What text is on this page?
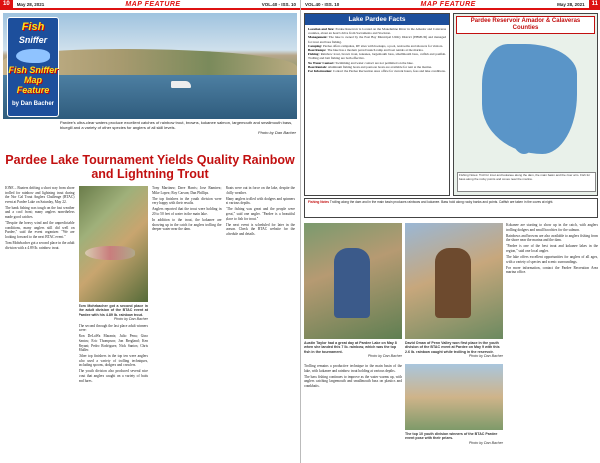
10	May 28, 2021	MAP FEATURE	VOL.40 - ISS. 10
Fish
Sniffer
Fish Sniffer Map Feature
by Dan Bacher
Pardee's ultra-clear waters produce excellent catches of rainbow trout, browns, kokanee salmon, largemouth and smallmouth bass, bluegill and a variety of other species for anglers of all skill levels.
Photo by Dan Bacher
Pardee Lake Tournament Yields Quality Rainbow and Lightning Trout

IONE – Boaters drifting a short way from shore trolled for rainbow and lightning trout during the Nor Cal Trout Anglers Challenge (BTAC) event at Pardee Lake on Saturday, May 22.

The bank fishing was tough on the fast weather and a cool front; many anglers nonetheless made good catches.

"Despite the heavy wind and the unpredictable conditions, many anglers still did well on Pardee," said the event organizer. "We are looking forward to the next BTAC event."

Tom Mohrbacher got a second place in the adult division with a 4.89 lb. rainbow trout.

Tom Mohrbacher got a second place in the adult division of the BTAC event at Pardee with his 4.89 lb. rainbow trout.
Photo by Dan Bacher

The second through the last place adult winners were:

Ron DeLaWa Maranis; Julio Pena; Gino Santos; Eric Thompson; Jon Bergland; Ken Bryant; Pedro Rodriguez; Nick Santos; Chris Muller.

Other top finishers in the top ten were anglers who used a variety of trolling techniques, including spoons, dodgers and crawlers.

The youth division also produced several nice trout that anglers caught on a variety of baits and lures.

Tony Martinez; Dave Harris; Jose Ramirez; Mike Lopez; Roy Carson; Dan Phillips.

The top finishers in the youth division were very happy with their results.

Anglers reported that the trout were holding in 20 to 50 feet of water in the main lake.

In addition to the trout, the kokanee are showing up in the catch for anglers trolling the deeper water near the dam.

Boats were out in force on the lake, despite the chilly weather.

Many anglers trolled with dodgers and spinners at various depths.

"The fishing was great and the people were great," said one angler. "Pardee is a beautiful place to fish for trout."

The next event is scheduled for later in the season. Check the BTAC website for the schedule and details.

VOL.40 - ISS. 10	MAP FEATURE	May 28, 2021	11
Lake Pardee Facts

Location and Size: Pardee Reservoir is located on the Mokelumne River in the Amador and Calaveras counties, about an hour's drive from Sacramento and Stockton.

Management: The lake is owned by the East Bay Municipal Utility District (EBMUD) and managed for trout and bass fishing.

Camping: Pardee offers campsites, RV sites with hookups, a pool, restrooms and showers for visitors.

Boat Ramps: The lake has a modern paved launch ramp and boat rentals at the marina.

Fishing: Rainbow trout, brown trout, kokanee, largemouth bass, smallmouth bass, catfish and panfish. Trolling and bait fishing are both effective.

No Water Contact: Swimming and water contact are not permitted on the lake.

Boat Rentals: Aluminum fishing boats and pontoon boats are available for rent at the marina.

For Information: Contact the Pardee Recreation Area office for current hours, fees and lake conditions.

Pardee Reservoir Amador & Calaveras Counties
Fishing Notes: Troll for trout and kokanee along the dam, the main basin and the river arm. Fish for bass along the rocky points and coves near the marina.
Fishing Notes Trolling along the dam and in the main basin produces rainbows and kokanee. Bass hold along rocky banks and points. Catfish are taken in the coves at night.
Austin Taylor had a great day at Pardee Lake on May 8 when she landed this 7 lb. rainbow, which was the top fish in the tournament.
Photo by Dan Bacher
David Oman of Penn Valley won first place in the youth division of the BTAC event at Pardee on May 9 with this 2.6 lb. rainbow caught while trolling in the reservoir.
Photo by Dan Bacher

Trolling remains a productive technique in the main basin of the lake, with kokanee and rainbow trout holding at various depths.

The bass fishing continues to improve as the water warms up, with anglers catching largemouth and smallmouth bass on plastics and crankbaits.

The top 10 youth division winners of the BTAC Pardee event pose with their prizes.
Photo by Dan Bacher

Kokanee are starting to show up in the catch, with anglers trolling dodgers and small hoochies for the salmon.

Rainbows and browns are also available to anglers fishing from the shore near the marina and the dam.

"Pardee is one of the best trout and kokanee lakes in the region," said one local angler.

The lake offers excellent opportunities for anglers of all ages, with a variety of species and scenic surroundings.

For more information, contact the Pardee Recreation Area marina office.
